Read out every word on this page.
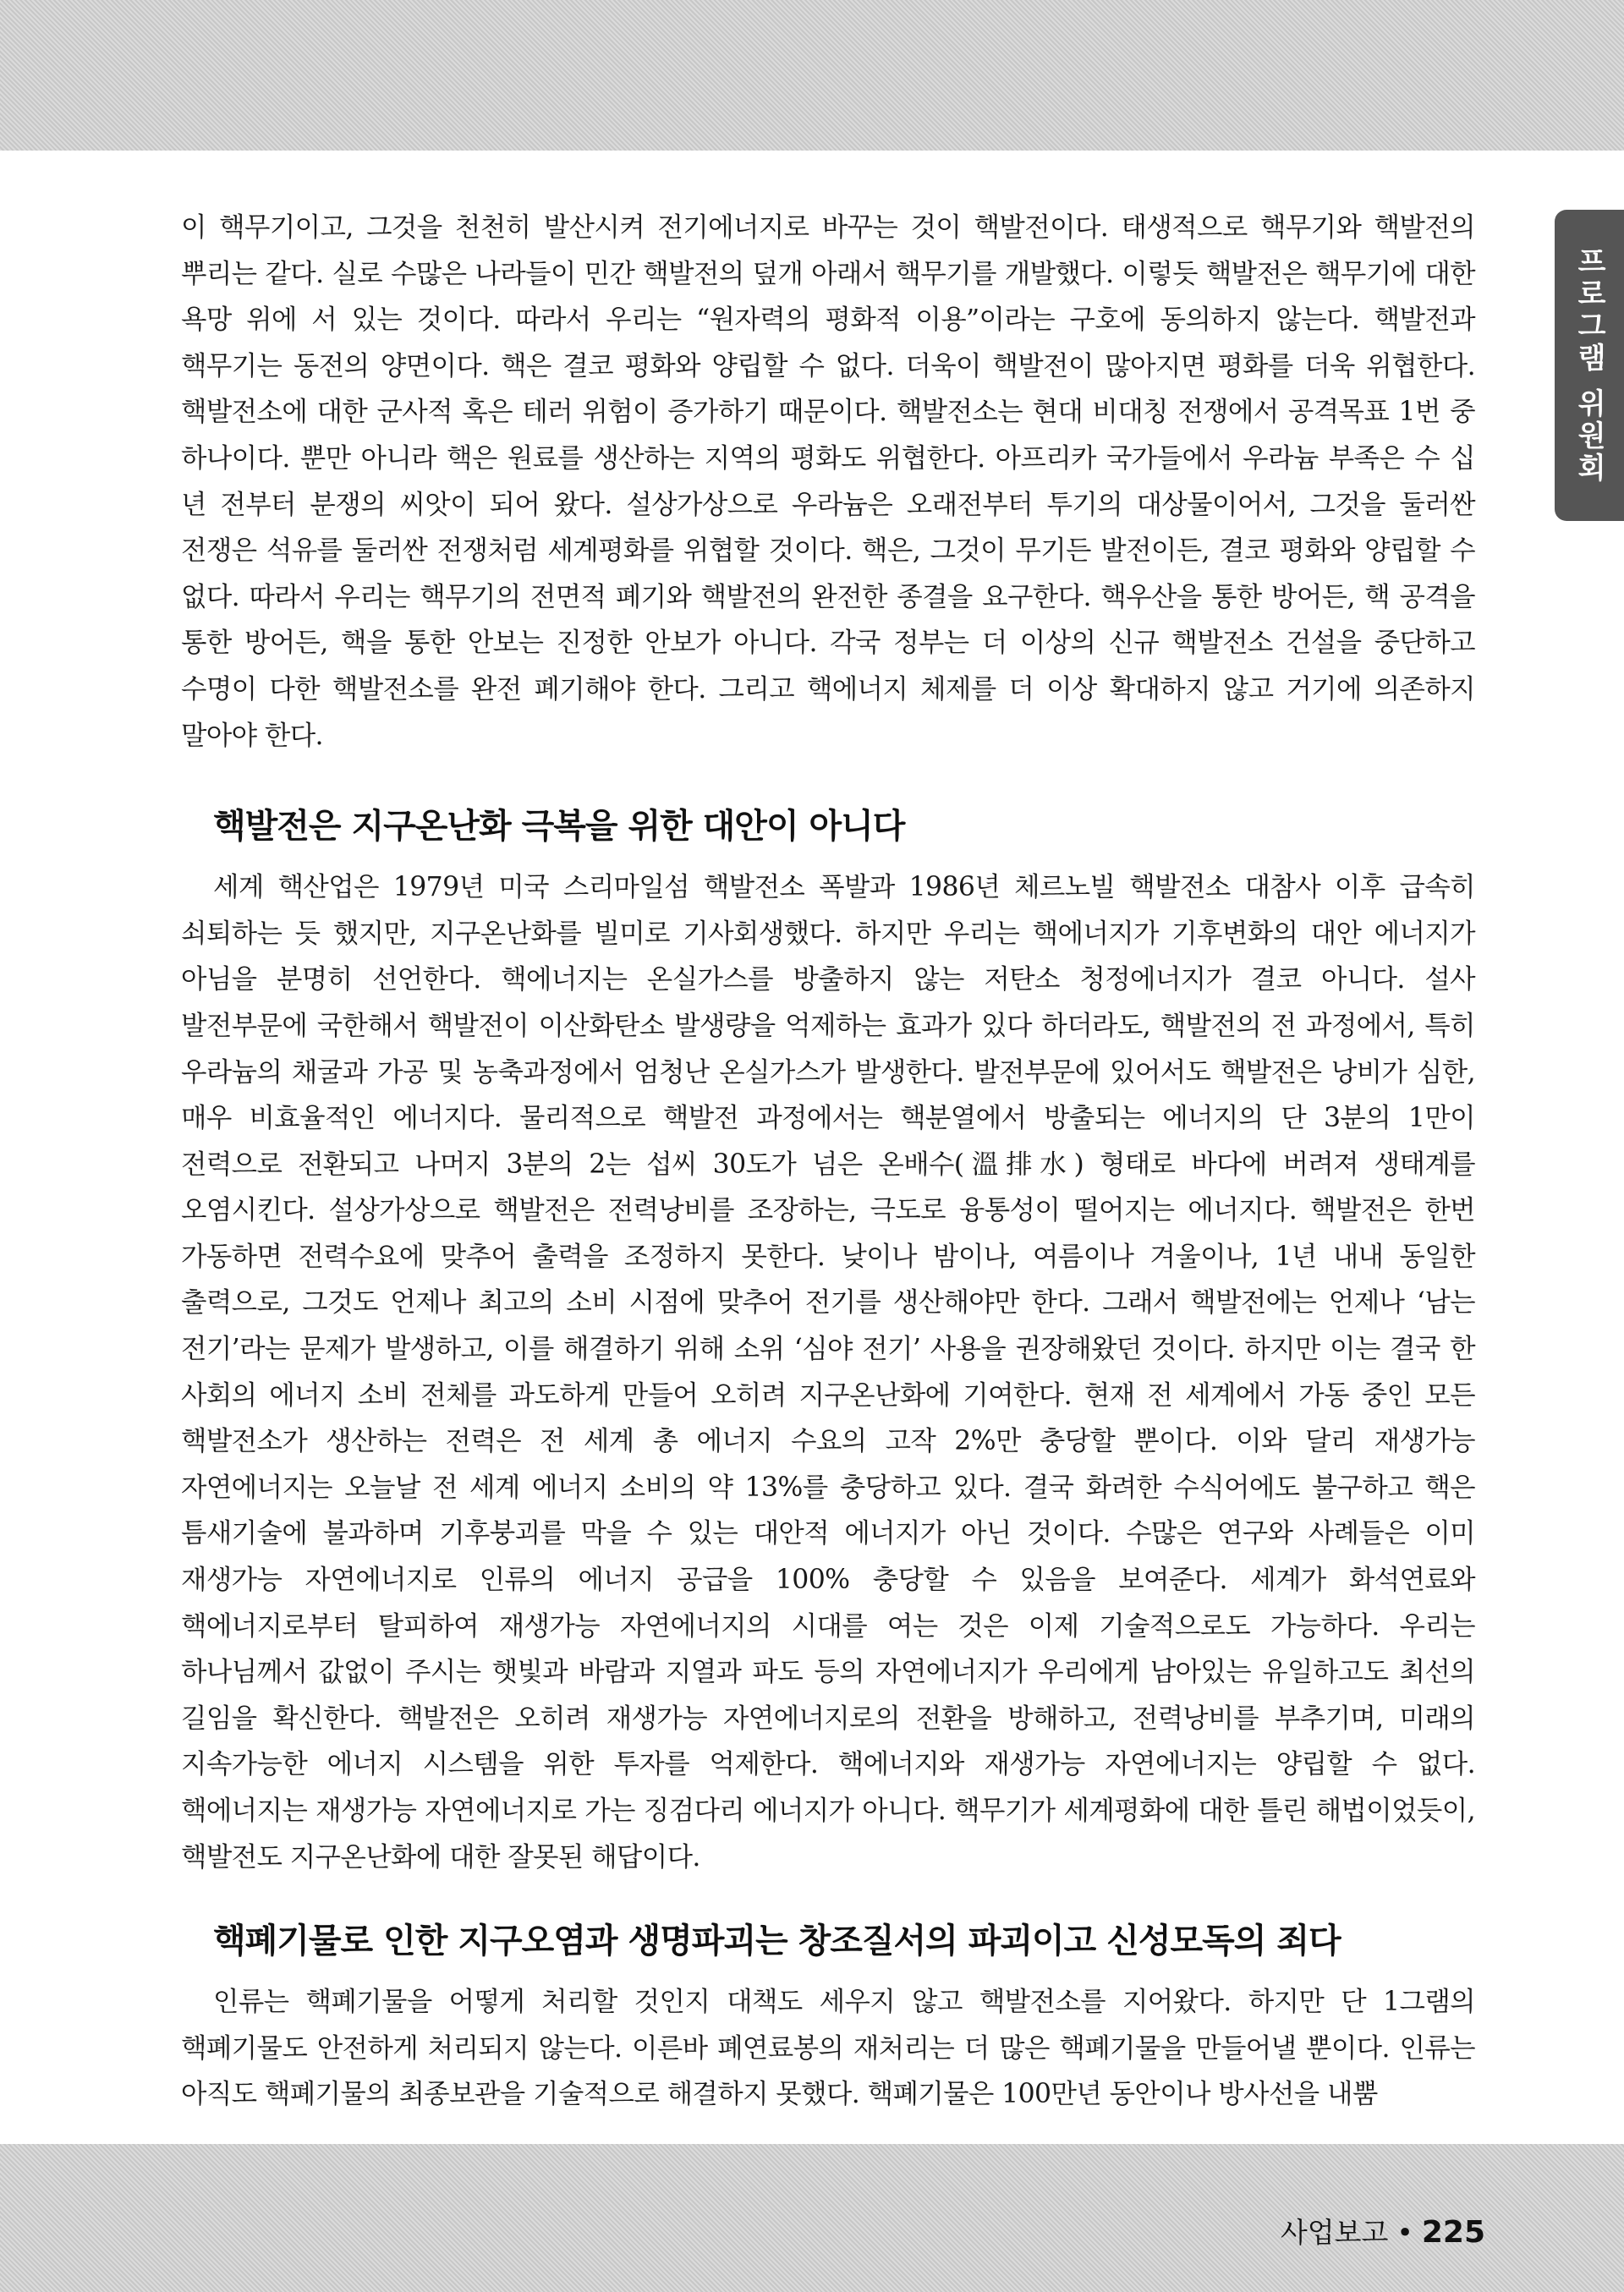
프로그램 위원회

이 핵무기이고, 그것을 천천히 발산시켜 전기에너지로 바꾸는 것이 핵발전이다. 태생적으로 핵무기와 핵발전의 뿌리는 같다. 실로 수많은 나라들이 민간 핵발전의 덮개 아래서 핵무기를 개발했다. 이렇듯 핵발전은 핵무기에 대한 욕망 위에 서 있는 것이다. 따라서 우리는 “원자력의 평화적 이용”이라는 구호에 동의하지 않는다. 핵발전과 핵무기는 동전의 양면이다. 핵은 결코 평화와 양립할 수 없다. 더욱이 핵발전이 많아지면 평화를 더욱 위협한다. 핵발전소에 대한 군사적 혹은 테러 위험이 증가하기 때문이다. 핵발전소는 현대 비대칭 전쟁에서 공격목표 1번 중 하나이다. 뿐만 아니라 핵은 원료를 생산하는 지역의 평화도 위협한다. 아프리카 국가들에서 우라늄 부족은 수 십 년 전부터 분쟁의 씨앗이 되어 왔다. 설상가상으로 우라늄은 오래전부터 투기의 대상물이어서, 그것을 둘러싼 전쟁은 석유를 둘러싼 전쟁처럼 세계평화를 위협할 것이다. 핵은, 그것이 무기든 발전이든, 결코 평화와 양립할 수 없다. 따라서 우리는 핵무기의 전면적 폐기와 핵발전의 완전한 종결을 요구한다. 핵우산을 통한 방어든, 핵 공격을 통한 방어든, 핵을 통한 안보는 진정한 안보가 아니다. 각국 정부는 더 이상의 신규 핵발전소 건설을 중단하고 수명이 다한 핵발전소를 완전 폐기해야 한다. 그리고 핵에너지 체제를 더 이상 확대하지 않고 거기에 의존하지 말아야 한다.

핵발전은 지구온난화 극복을 위한 대안이 아니다

세계 핵산업은 1979년 미국 스리마일섬 핵발전소 폭발과 1986년 체르노빌 핵발전소 대참사 이후 급속히 쇠퇴하는 듯 했지만, 지구온난화를 빌미로 기사회생했다. 하지만 우리는 핵에너지가 기후변화의 대안 에너지가 아님을 분명히 선언한다. 핵에너지는 온실가스를 방출하지 않는 저탄소 청정에너지가 결코 아니다. 설사 발전부문에 국한해서 핵발전이 이산화탄소 발생량을 억제하는 효과가 있다 하더라도, 핵발전의 전 과정에서, 특히 우라늄의 채굴과 가공 및 농축과정에서 엄청난 온실가스가 발생한다. 발전부문에 있어서도 핵발전은 낭비가 심한, 매우 비효율적인 에너지다. 물리적으로 핵발전 과정에서는 핵분열에서 방출되는 에너지의 단 3분의 1만이 전력으로 전환되고 나머지 3분의 2는 섭씨 30도가 넘은 온배수(溫排水) 형태로 바다에 버려져 생태계를 오염시킨다. 설상가상으로 핵발전은 전력낭비를 조장하는, 극도로 융통성이 떨어지는 에너지다. 핵발전은 한번 가동하면 전력수요에 맞추어 출력을 조정하지 못한다. 낮이나 밤이나, 여름이나 겨울이나, 1년 내내 동일한 출력으로, 그것도 언제나 최고의 소비 시점에 맞추어 전기를 생산해야만 한다. 그래서 핵발전에는 언제나 ‘남는 전기’라는 문제가 발생하고, 이를 해결하기 위해 소위 ‘심야 전기’ 사용을 권장해왔던 것이다. 하지만 이는 결국 한 사회의 에너지 소비 전체를 과도하게 만들어 오히려 지구온난화에 기여한다. 현재 전 세계에서 가동 중인 모든 핵발전소가 생산하는 전력은 전 세계 총 에너지 수요의 고작 2%만 충당할 뿐이다. 이와 달리 재생가능 자연에너지는 오늘날 전 세계 에너지 소비의 약 13%를 충당하고 있다. 결국 화려한 수식어에도 불구하고 핵은 틈새기술에 불과하며 기후붕괴를 막을 수 있는 대안적 에너지가 아닌 것이다. 수많은 연구와 사례들은 이미 재생가능 자연에너지로 인류의 에너지 공급을 100% 충당할 수 있음을 보여준다. 세계가 화석연료와 핵에너지로부터 탈피하여 재생가능 자연에너지의 시대를 여는 것은 이제 기술적으로도 가능하다. 우리는 하나님께서 값없이 주시는 햇빛과 바람과 지열과 파도 등의 자연에너지가 우리에게 남아있는 유일하고도 최선의 길임을 확신한다. 핵발전은 오히려 재생가능 자연에너지로의 전환을 방해하고, 전력낭비를 부추기며, 미래의 지속가능한 에너지 시스템을 위한 투자를 억제한다. 핵에너지와 재생가능 자연에너지는 양립할 수 없다. 핵에너지는 재생가능 자연에너지로 가는 징검다리 에너지가 아니다. 핵무기가 세계평화에 대한 틀린 해법이었듯이, 핵발전도 지구온난화에 대한 잘못된 해답이다.

핵폐기물로 인한 지구오염과 생명파괴는 창조질서의 파괴이고 신성모독의 죄다

인류는 핵폐기물을 어떻게 처리할 것인지 대책도 세우지 않고 핵발전소를 지어왔다. 하지만 단 1그램의 핵폐기물도 안전하게 처리되지 않는다. 이른바 폐연료봉의 재처리는 더 많은 핵폐기물을 만들어낼 뿐이다. 인류는 아직도 핵폐기물의 최종보관을 기술적으로 해결하지 못했다. 핵폐기물은 100만년 동안이나 방사선을 내뿜

사업보고 • 225
